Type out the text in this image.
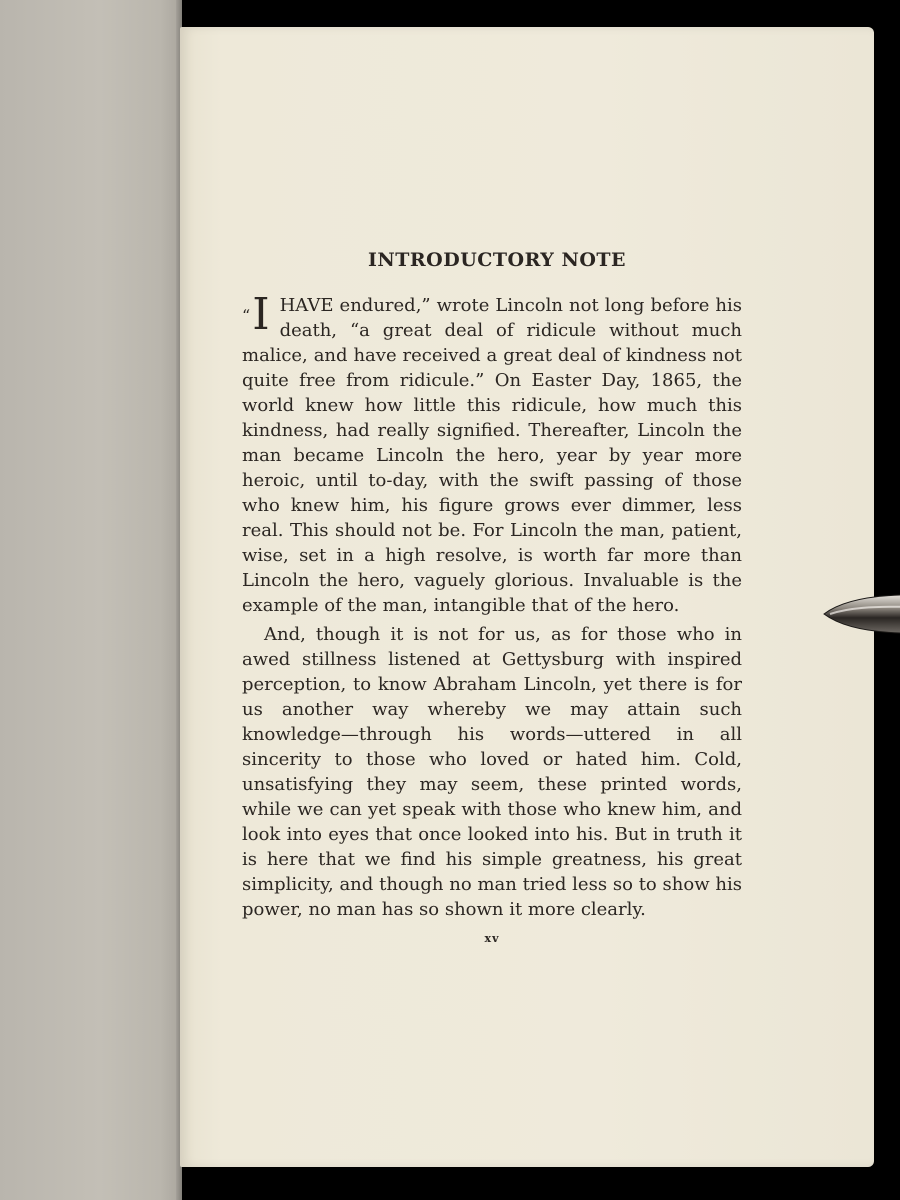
INTRODUCTORY NOTE

“I HAVE endured,” wrote Lincoln not long before his death, “a great deal of ridicule without much malice, and have received a great deal of kindness not quite free from ridicule.” On Easter Day, 1865, the world knew how little this ridicule, how much this kindness, had really signified. Thereafter, Lincoln the man became Lincoln the hero, year by year more heroic, until to-day, with the swift passing of those who knew him, his figure grows ever dimmer, less real. This should not be. For Lincoln the man, patient, wise, set in a high resolve, is worth far more than Lincoln the hero, vaguely glorious. Invaluable is the example of the man, intangible that of the hero.

And, though it is not for us, as for those who in awed stillness listened at Gettysburg with inspired perception, to know Abraham Lincoln, yet there is for us another way whereby we may attain such knowledge—through his words—uttered in all sincerity to those who loved or hated him. Cold, unsatisfying they may seem, these printed words, while we can yet speak with those who knew him, and look into eyes that once looked into his. But in truth it is here that we find his simple greatness, his great simplicity, and though no man tried less so to show his power, no man has so shown it more clearly.

xv
